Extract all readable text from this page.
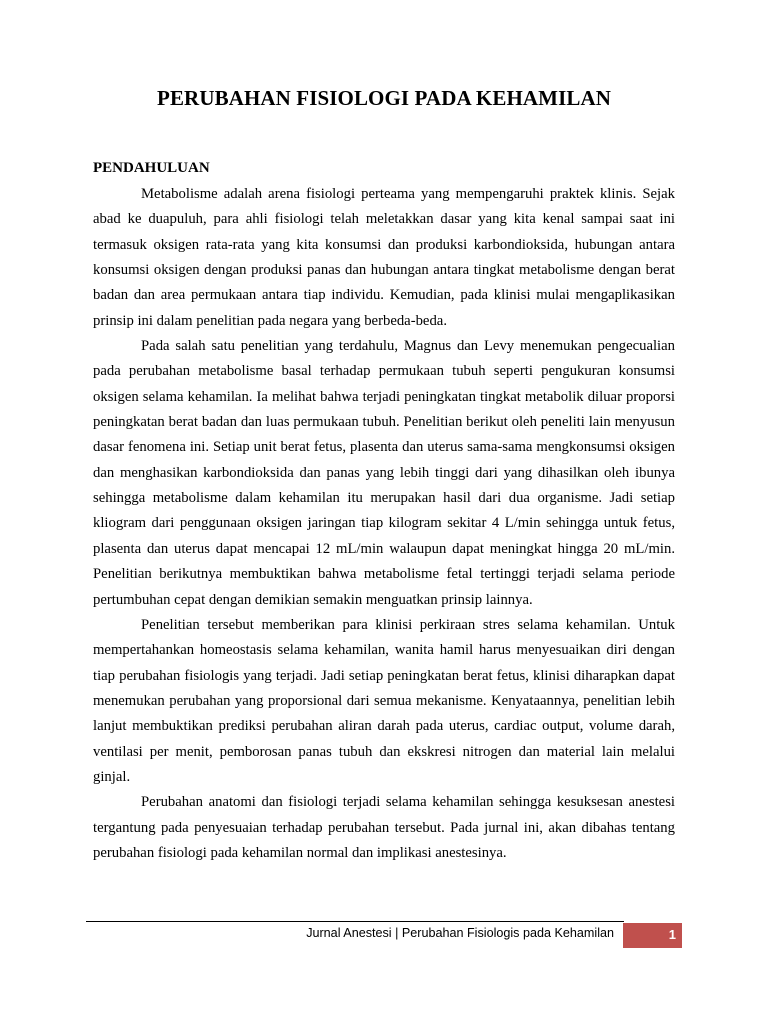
PERUBAHAN FISIOLOGI PADA KEHAMILAN
PENDAHULUAN

Metabolisme adalah arena fisiologi perteama yang mempengaruhi praktek klinis. Sejak abad ke duapuluh, para ahli fisiologi telah meletakkan dasar yang kita kenal sampai saat ini termasuk oksigen rata-rata yang kita konsumsi dan produksi karbondioksida, hubungan antara konsumsi oksigen dengan produksi panas dan hubungan antara tingkat metabolisme dengan berat badan dan area permukaan antara tiap individu. Kemudian, pada klinisi mulai mengaplikasikan prinsip ini dalam penelitian pada negara yang berbeda-beda.

Pada salah satu penelitian yang terdahulu, Magnus dan Levy menemukan pengecualian pada perubahan metabolisme basal terhadap permukaan tubuh seperti pengukuran konsumsi oksigen selama kehamilan. Ia melihat bahwa terjadi peningkatan tingkat metabolik diluar proporsi peningkatan berat badan dan luas permukaan tubuh. Penelitian berikut oleh peneliti lain menyusun dasar fenomena ini. Setiap unit berat fetus, plasenta dan uterus sama-sama mengkonsumsi oksigen dan menghasikan karbondioksida dan panas yang lebih tinggi dari yang dihasilkan oleh ibunya sehingga metabolisme dalam kehamilan itu merupakan hasil dari dua organisme. Jadi setiap kliogram dari penggunaan oksigen jaringan tiap kilogram sekitar 4 L/min sehingga untuk fetus, plasenta dan uterus dapat mencapai 12 mL/min walaupun dapat meningkat hingga 20 mL/min. Penelitian berikutnya membuktikan bahwa metabolisme fetal tertinggi terjadi selama periode pertumbuhan cepat dengan demikian semakin menguatkan prinsip lainnya.

Penelitian tersebut memberikan para klinisi perkiraan stres selama kehamilan. Untuk mempertahankan homeostasis selama kehamilan, wanita hamil harus menyesuaikan diri dengan tiap perubahan fisiologis yang terjadi. Jadi setiap peningkatan berat fetus, klinisi diharapkan dapat menemukan perubahan yang proporsional dari semua mekanisme. Kenyataannya, penelitian lebih lanjut membuktikan prediksi perubahan aliran darah pada uterus, cardiac output, volume darah, ventilasi per menit, pemborosan panas tubuh dan ekskresi nitrogen dan material lain melalui ginjal.

Perubahan anatomi dan fisiologi terjadi selama kehamilan sehingga kesuksesan anestesi tergantung pada penyesuaian terhadap perubahan tersebut. Pada jurnal ini, akan dibahas tentang perubahan fisiologi pada kehamilan normal dan implikasi anestesinya.

Jurnal Anestesi | Perubahan Fisiologis pada Kehamilan	1
